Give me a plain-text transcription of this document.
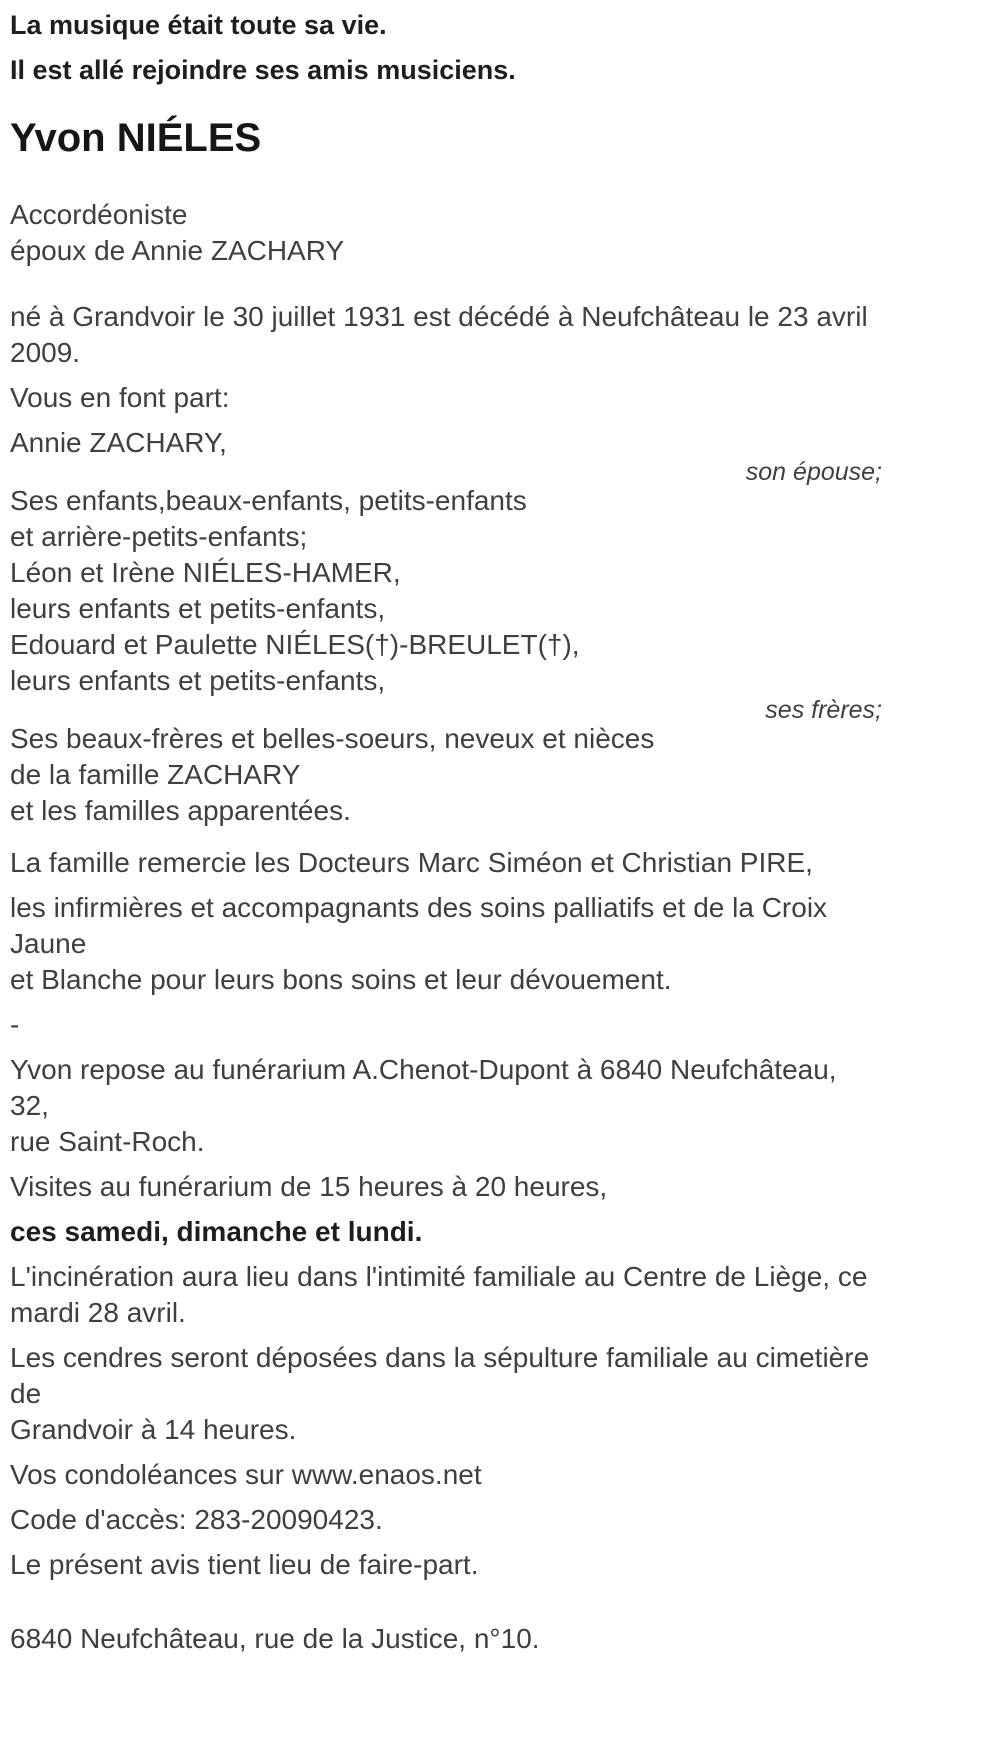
La musique était toute sa vie.
Il est allé rejoindre ses amis musiciens.
Yvon NIÉLES
Accordéoniste
époux de Annie ZACHARY
né à Grandvoir le 30 juillet 1931 est décédé à Neufchâteau le 23 avril
2009.
Vous en font part:
Annie ZACHARY,
son épouse;
Ses enfants,beaux-enfants, petits-enfants
et arrière-petits-enfants;
Léon et Irène NIÉLES-HAMER,
leurs enfants et petits-enfants,
Edouard et Paulette NIÉLES(†)-BREULET(†),
leurs enfants et petits-enfants,
ses frères;
Ses beaux-frères et belles-soeurs, neveux et nièces
de la famille ZACHARY
et les familles apparentées.
La famille remercie les Docteurs Marc Siméon et Christian PIRE,
les infirmières et accompagnants des soins palliatifs et de la Croix Jaune
et Blanche pour leurs bons soins et leur dévouement.
-
Yvon repose au funérarium A.Chenot-Dupont à 6840 Neufchâteau, 32,
rue Saint-Roch.
Visites au funérarium de 15 heures à 20 heures,
ces samedi, dimanche et lundi.
L'incinération aura lieu dans l'intimité familiale au Centre de Liège, ce
mardi 28 avril.
Les cendres seront déposées dans la sépulture familiale au cimetière de
Grandvoir à 14 heures.
Vos condoléances sur www.enaos.net
Code d'accès: 283-20090423.
Le présent avis tient lieu de faire-part.
6840 Neufchâteau, rue de la Justice, n°10.
